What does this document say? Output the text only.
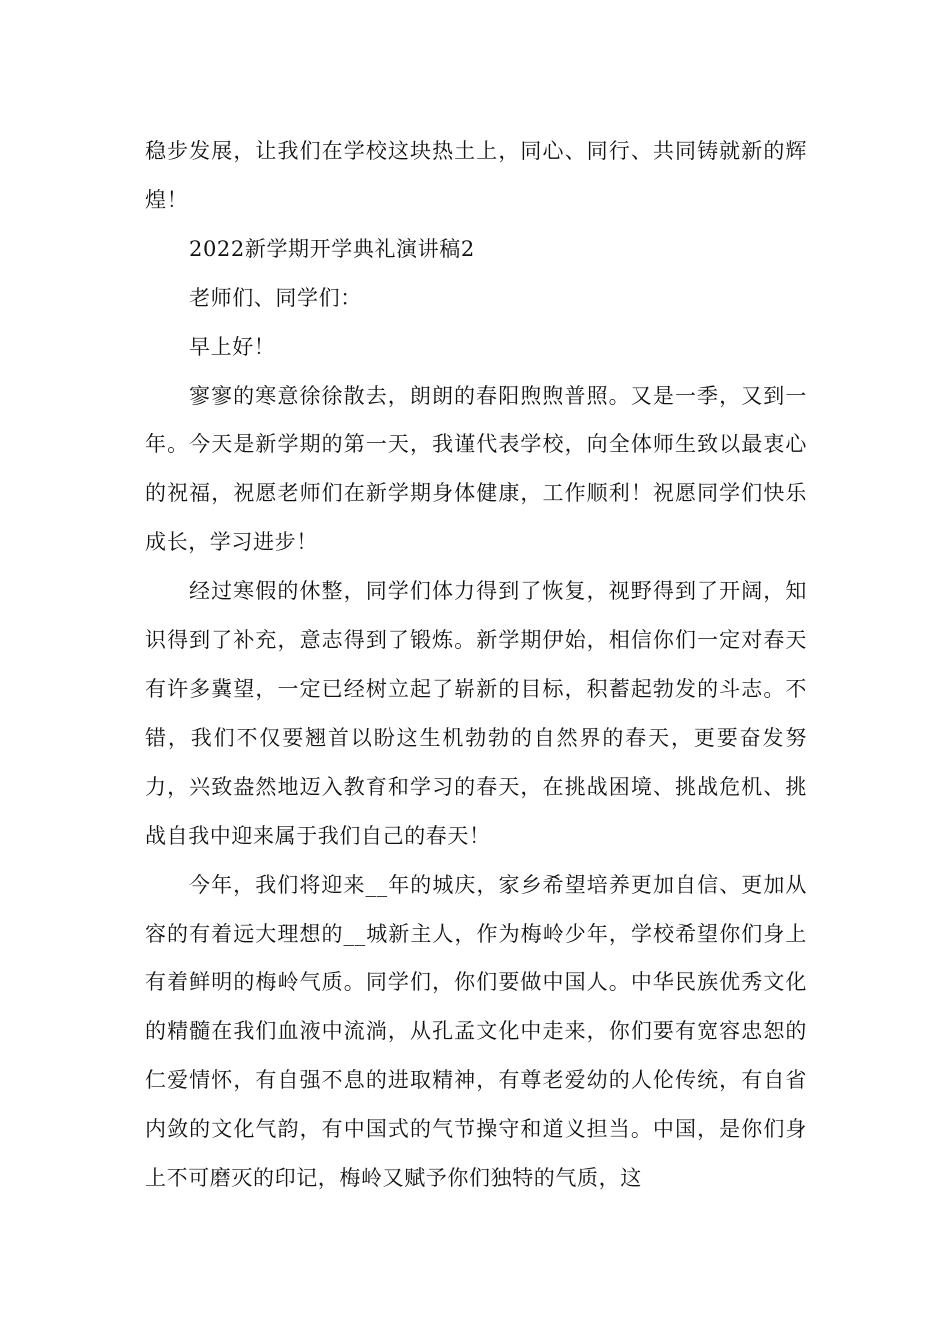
稳步发展，让我们在学校这块热土上，同心、同行、共同铸就新的辉煌！

2022新学期开学典礼演讲稿2

老师们、同学们：

早上好！

寥寥的寒意徐徐散去，朗朗的春阳煦煦普照。又是一季，又到一年。今天是新学期的第一天，我谨代表学校，向全体师生致以最衷心的祝福，祝愿老师们在新学期身体健康，工作顺利！祝愿同学们快乐成长，学习进步！

经过寒假的休整，同学们体力得到了恢复，视野得到了开阔，知识得到了补充，意志得到了锻炼。新学期伊始，相信你们一定对春天有许多冀望，一定已经树立起了崭新的目标，积蓄起勃发的斗志。不错，我们不仅要翘首以盼这生机勃勃的自然界的春天，更要奋发努力，兴致盎然地迈入教育和学习的春天，在挑战困境、挑战危机、挑战自我中迎来属于我们自己的春天！

今年，我们将迎来__年的城庆，家乡希望培养更加自信、更加从容的有着远大理想的__城新主人，作为梅岭少年，学校希望你们身上有着鲜明的梅岭气质。同学们，你们要做中国人。中华民族优秀文化的精髓在我们血液中流淌，从孔孟文化中走来，你们要有宽容忠恕的仁爱情怀，有自强不息的进取精神，有尊老爱幼的人伦传统，有自省内敛的文化气韵，有中国式的气节操守和道义担当。中国，是你们身上不可磨灭的印记，梅岭又赋予你们独特的气质，这
